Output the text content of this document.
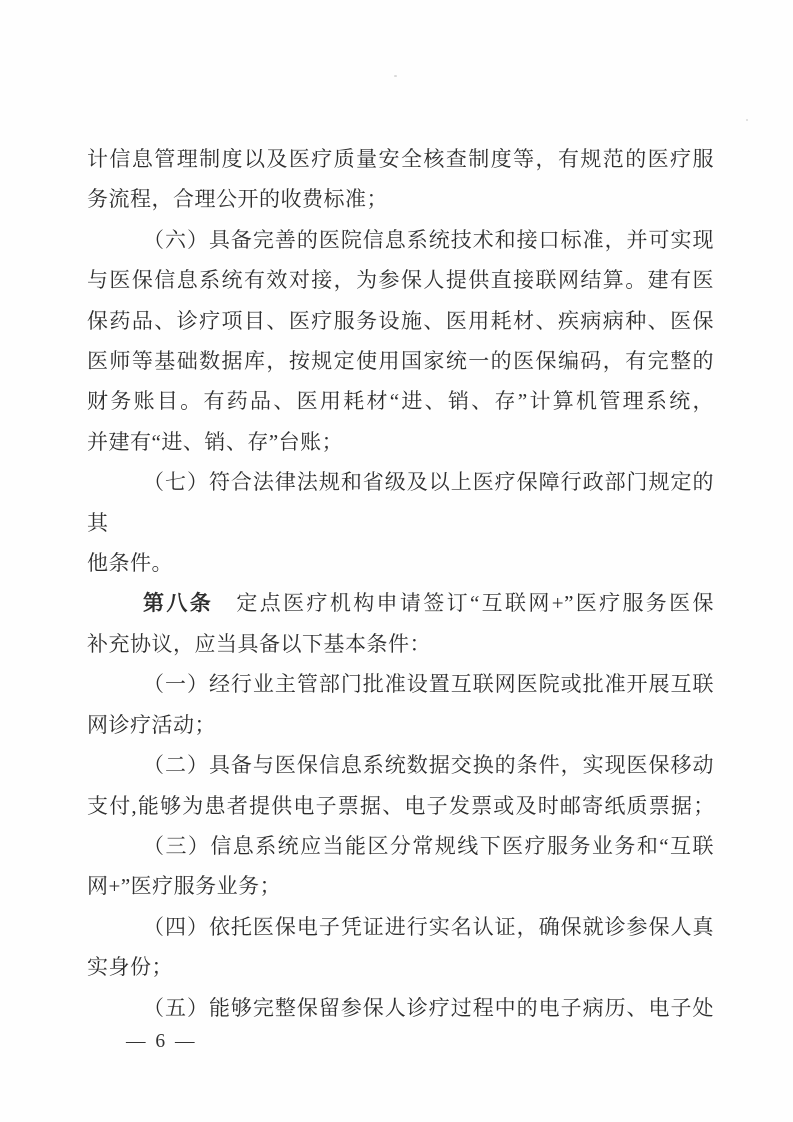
计信息管理制度以及医疗质量安全核查制度等，有规范的医疗服
务流程，合理公开的收费标准；
（六）具备完善的医院信息系统技术和接口标准，并可实现
与医保信息系统有效对接，为参保人提供直接联网结算。建有医
保药品、诊疗项目、医疗服务设施、医用耗材、疾病病种、医保
医师等基础数据库，按规定使用国家统一的医保编码，有完整的
财务账目。有药品、医用耗材“进、销、存”计算机管理系统，
并建有“进、销、存”台账；
（七）符合法律法规和省级及以上医疗保障行政部门规定的其
他条件。
第八条　定点医疗机构申请签订“互联网+”医疗服务医保
补充协议，应当具备以下基本条件：
（一）经行业主管部门批准设置互联网医院或批准开展互联
网诊疗活动；
（二）具备与医保信息系统数据交换的条件，实现医保移动
支付,能够为患者提供电子票据、电子发票或及时邮寄纸质票据；
（三）信息系统应当能区分常规线下医疗服务业务和“互联
网+”医疗服务业务；
（四）依托医保电子凭证进行实名认证，确保就诊参保人真
实身份；
（五）能够完整保留参保人诊疗过程中的电子病历、电子处
— 6 —
